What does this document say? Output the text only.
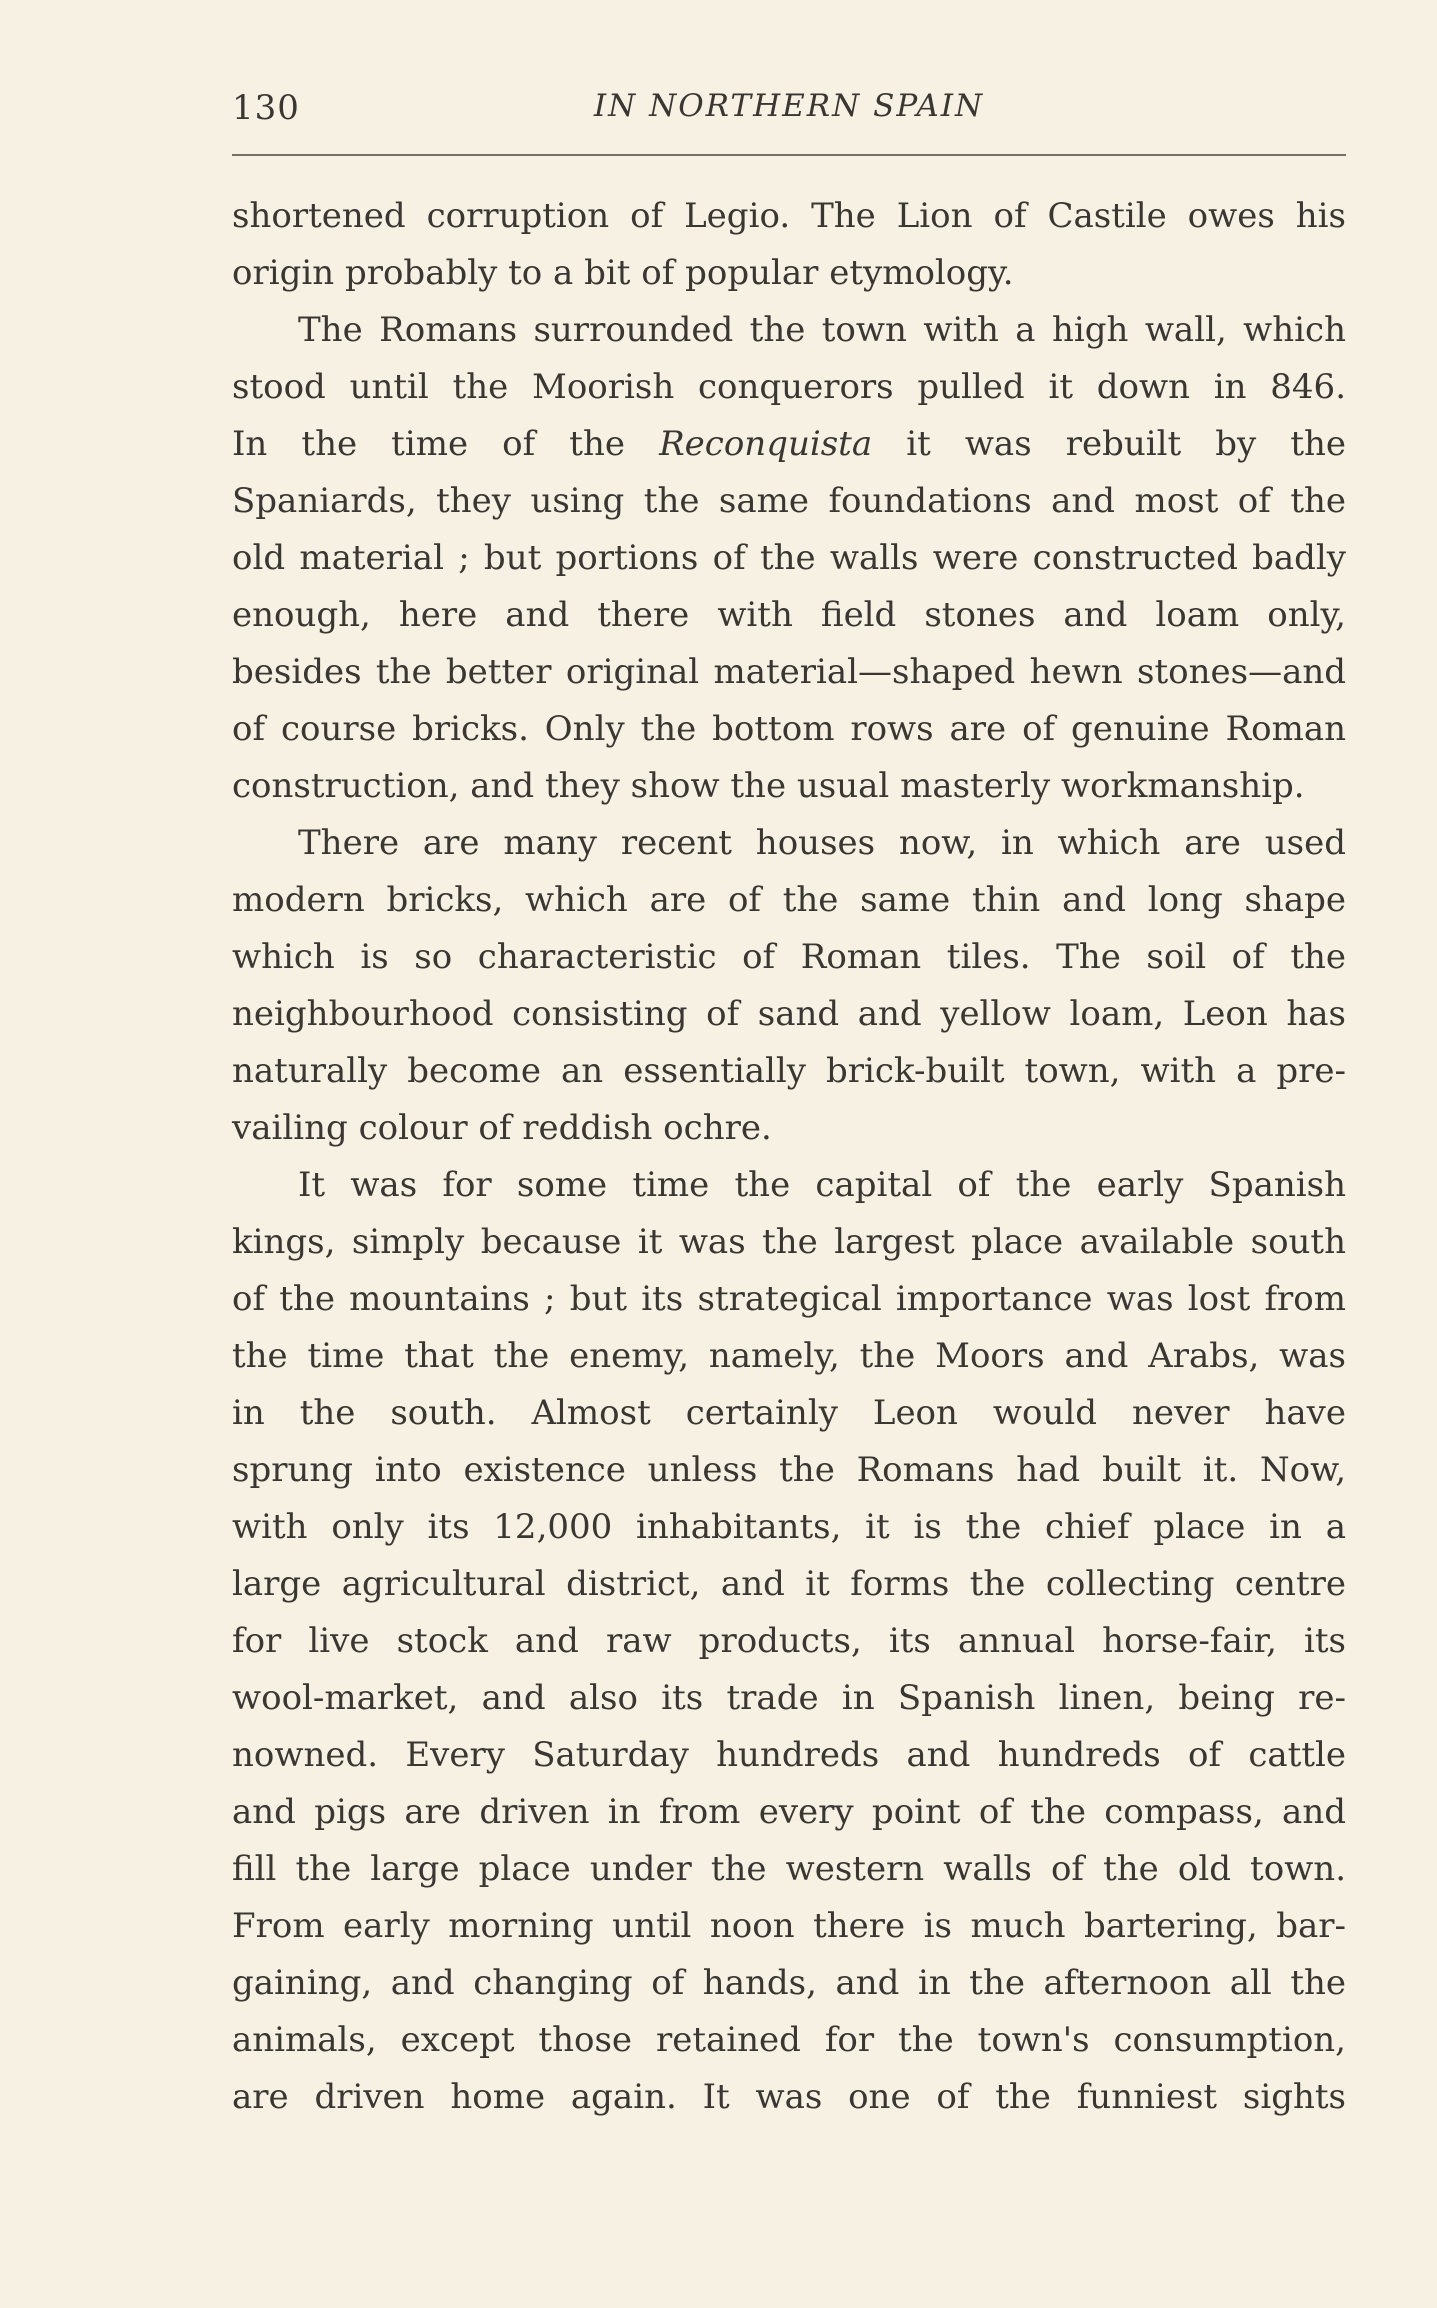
130	IN NORTHERN SPAIN
shortened corruption of Legio. The Lion of Castile owes his
origin probably to a bit of popular etymology.
The Romans surrounded the town with a high wall, which
stood until the Moorish conquerors pulled it down in 846.
In the time of the Reconquista it was rebuilt by the
Spaniards, they using the same foundations and most of the
old material ; but portions of the walls were constructed badly
enough, here and there with field stones and loam only,
besides the better original material—shaped hewn stones—and
of course bricks. Only the bottom rows are of genuine Roman
construction, and they show the usual masterly workmanship.
There are many recent houses now, in which are used
modern bricks, which are of the same thin and long shape
which is so characteristic of Roman tiles. The soil of the
neighbourhood consisting of sand and yellow loam, Leon has
naturally become an essentially brick-built town, with a pre-
vailing colour of reddish ochre.
It was for some time the capital of the early Spanish
kings, simply because it was the largest place available south
of the mountains ; but its strategical importance was lost from
the time that the enemy, namely, the Moors and Arabs, was
in the south. Almost certainly Leon would never have
sprung into existence unless the Romans had built it. Now,
with only its 12,000 inhabitants, it is the chief place in a
large agricultural district, and it forms the collecting centre
for live stock and raw products, its annual horse-fair, its
wool-market, and also its trade in Spanish linen, being re-
nowned. Every Saturday hundreds and hundreds of cattle
and pigs are driven in from every point of the compass, and
fill the large place under the western walls of the old town.
From early morning until noon there is much bartering, bar-
gaining, and changing of hands, and in the afternoon all the
animals, except those retained for the town's consumption,
are driven home again. It was one of the funniest sights
